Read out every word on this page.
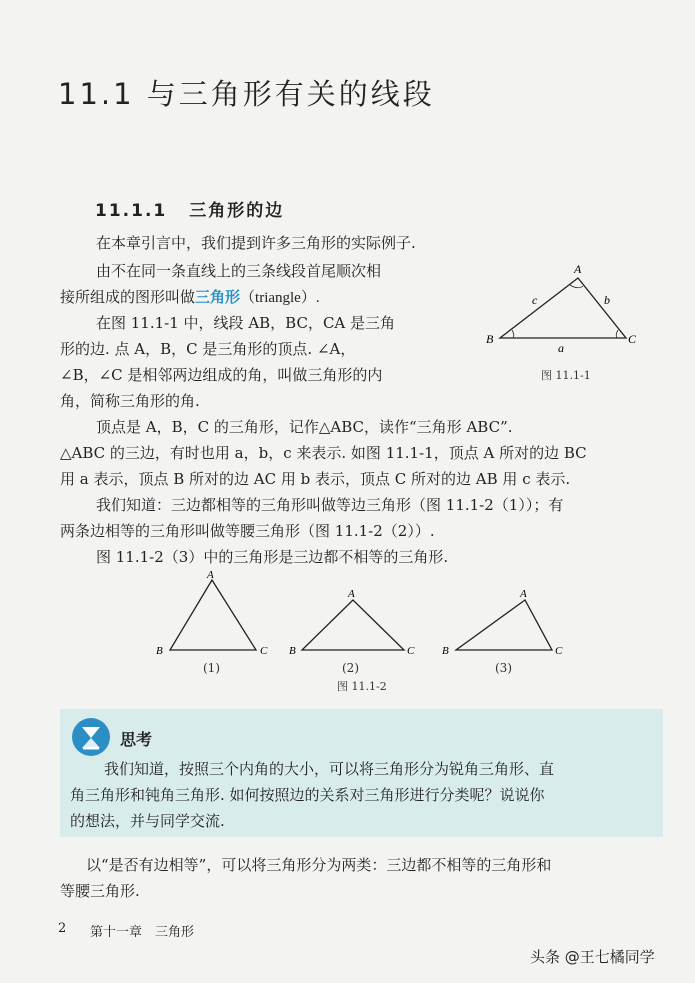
11.1 与三角形有关的线段
11.1.1 三角形的边
在本章引言中，我们提到许多三角形的实际例子.
由不在同一条直线上的三条线段首尾顺次相
接所组成的图形叫做三角形（triangle）.
在图 11.1-1 中，线段 AB，BC，CA 是三角
形的边. 点 A，B，C 是三角形的顶点. ∠A，
∠B，∠C 是相邻两边组成的角，叫做三角形的内
角，简称三角形的角.
A
B	C
a
b
c
图 11.1-1
顶点是 A，B，C 的三角形，记作△ABC，读作“三角形 ABC”.
△ABC 的三边，有时也用 a，b，c 来表示. 如图 11.1-1，顶点 A 所对的边 BC
用 a 表示，顶点 B 所对的边 AC 用 b 表示，顶点 C 所对的边 AB 用 c 表示.
我们知道：三边都相等的三角形叫做等边三角形（图 11.1-2（1））；有
两条边相等的三角形叫做等腰三角形（图 11.1-2（2））.
图 11.1-2（3）中的三角形是三边都不相等的三角形.
A
B	C
A
B	C
A
B	C
(1)	(2)	(3)
图 11.1-2
思考
我们知道，按照三个内角的大小，可以将三角形分为锐角三角形、直
角三角形和钝角三角形. 如何按照边的关系对三角形进行分类呢？说说你
的想法，并与同学交流.
以“是否有边相等”，可以将三角形分为两类：三边都不相等的三角形和
等腰三角形.
2 第十一章　三角形
头条 @王七橘同学
